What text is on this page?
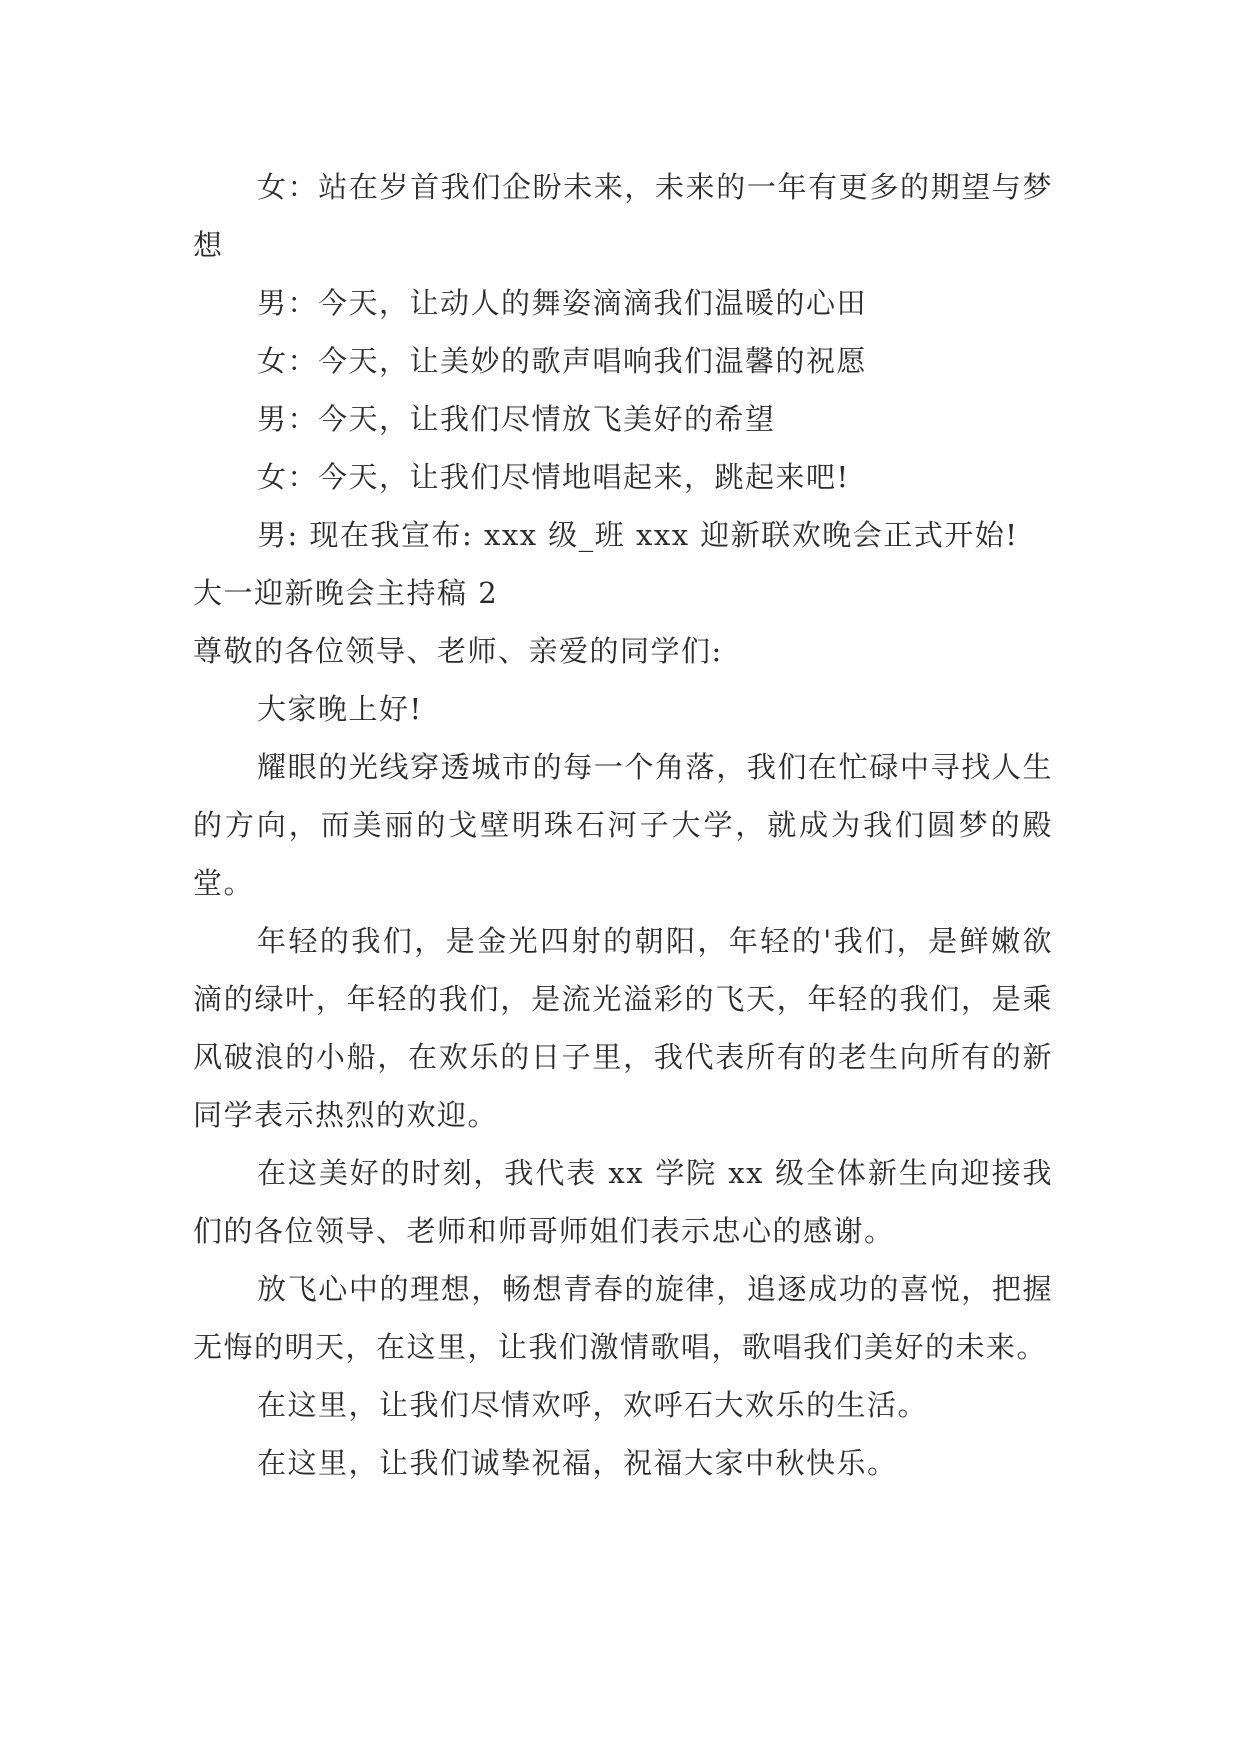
女：站在岁首我们企盼未来，未来的一年有更多的期望与梦想

男：今天，让动人的舞姿滴滴我们温暖的心田

女：今天，让美妙的歌声唱响我们温馨的祝愿

男：今天，让我们尽情放飞美好的希望

女：今天，让我们尽情地唱起来，跳起来吧!

男: 现在我宣布: xxx 级_班 xxx 迎新联欢晚会正式开始!

大一迎新晚会主持稿 2

尊敬的各位领导、老师、亲爱的同学们:

大家晚上好!

耀眼的光线穿透城市的每一个角落，我们在忙碌中寻找人生的方向，而美丽的戈壁明珠石河子大学，就成为我们圆梦的殿堂。

年轻的我们，是金光四射的朝阳，年轻的'我们，是鲜嫩欲滴的绿叶，年轻的我们，是流光溢彩的飞天，年轻的我们，是乘风破浪的小船，在欢乐的日子里，我代表所有的老生向所有的新同学表示热烈的欢迎。

在这美好的时刻，我代表 xx 学院 xx 级全体新生向迎接我们的各位领导、老师和师哥师姐们表示忠心的感谢。

放飞心中的理想，畅想青春的旋律，追逐成功的喜悦，把握无悔的明天，在这里，让我们激情歌唱，歌唱我们美好的未来。

在这里，让我们尽情欢呼，欢呼石大欢乐的生活。

在这里，让我们诚挚祝福，祝福大家中秋快乐。
